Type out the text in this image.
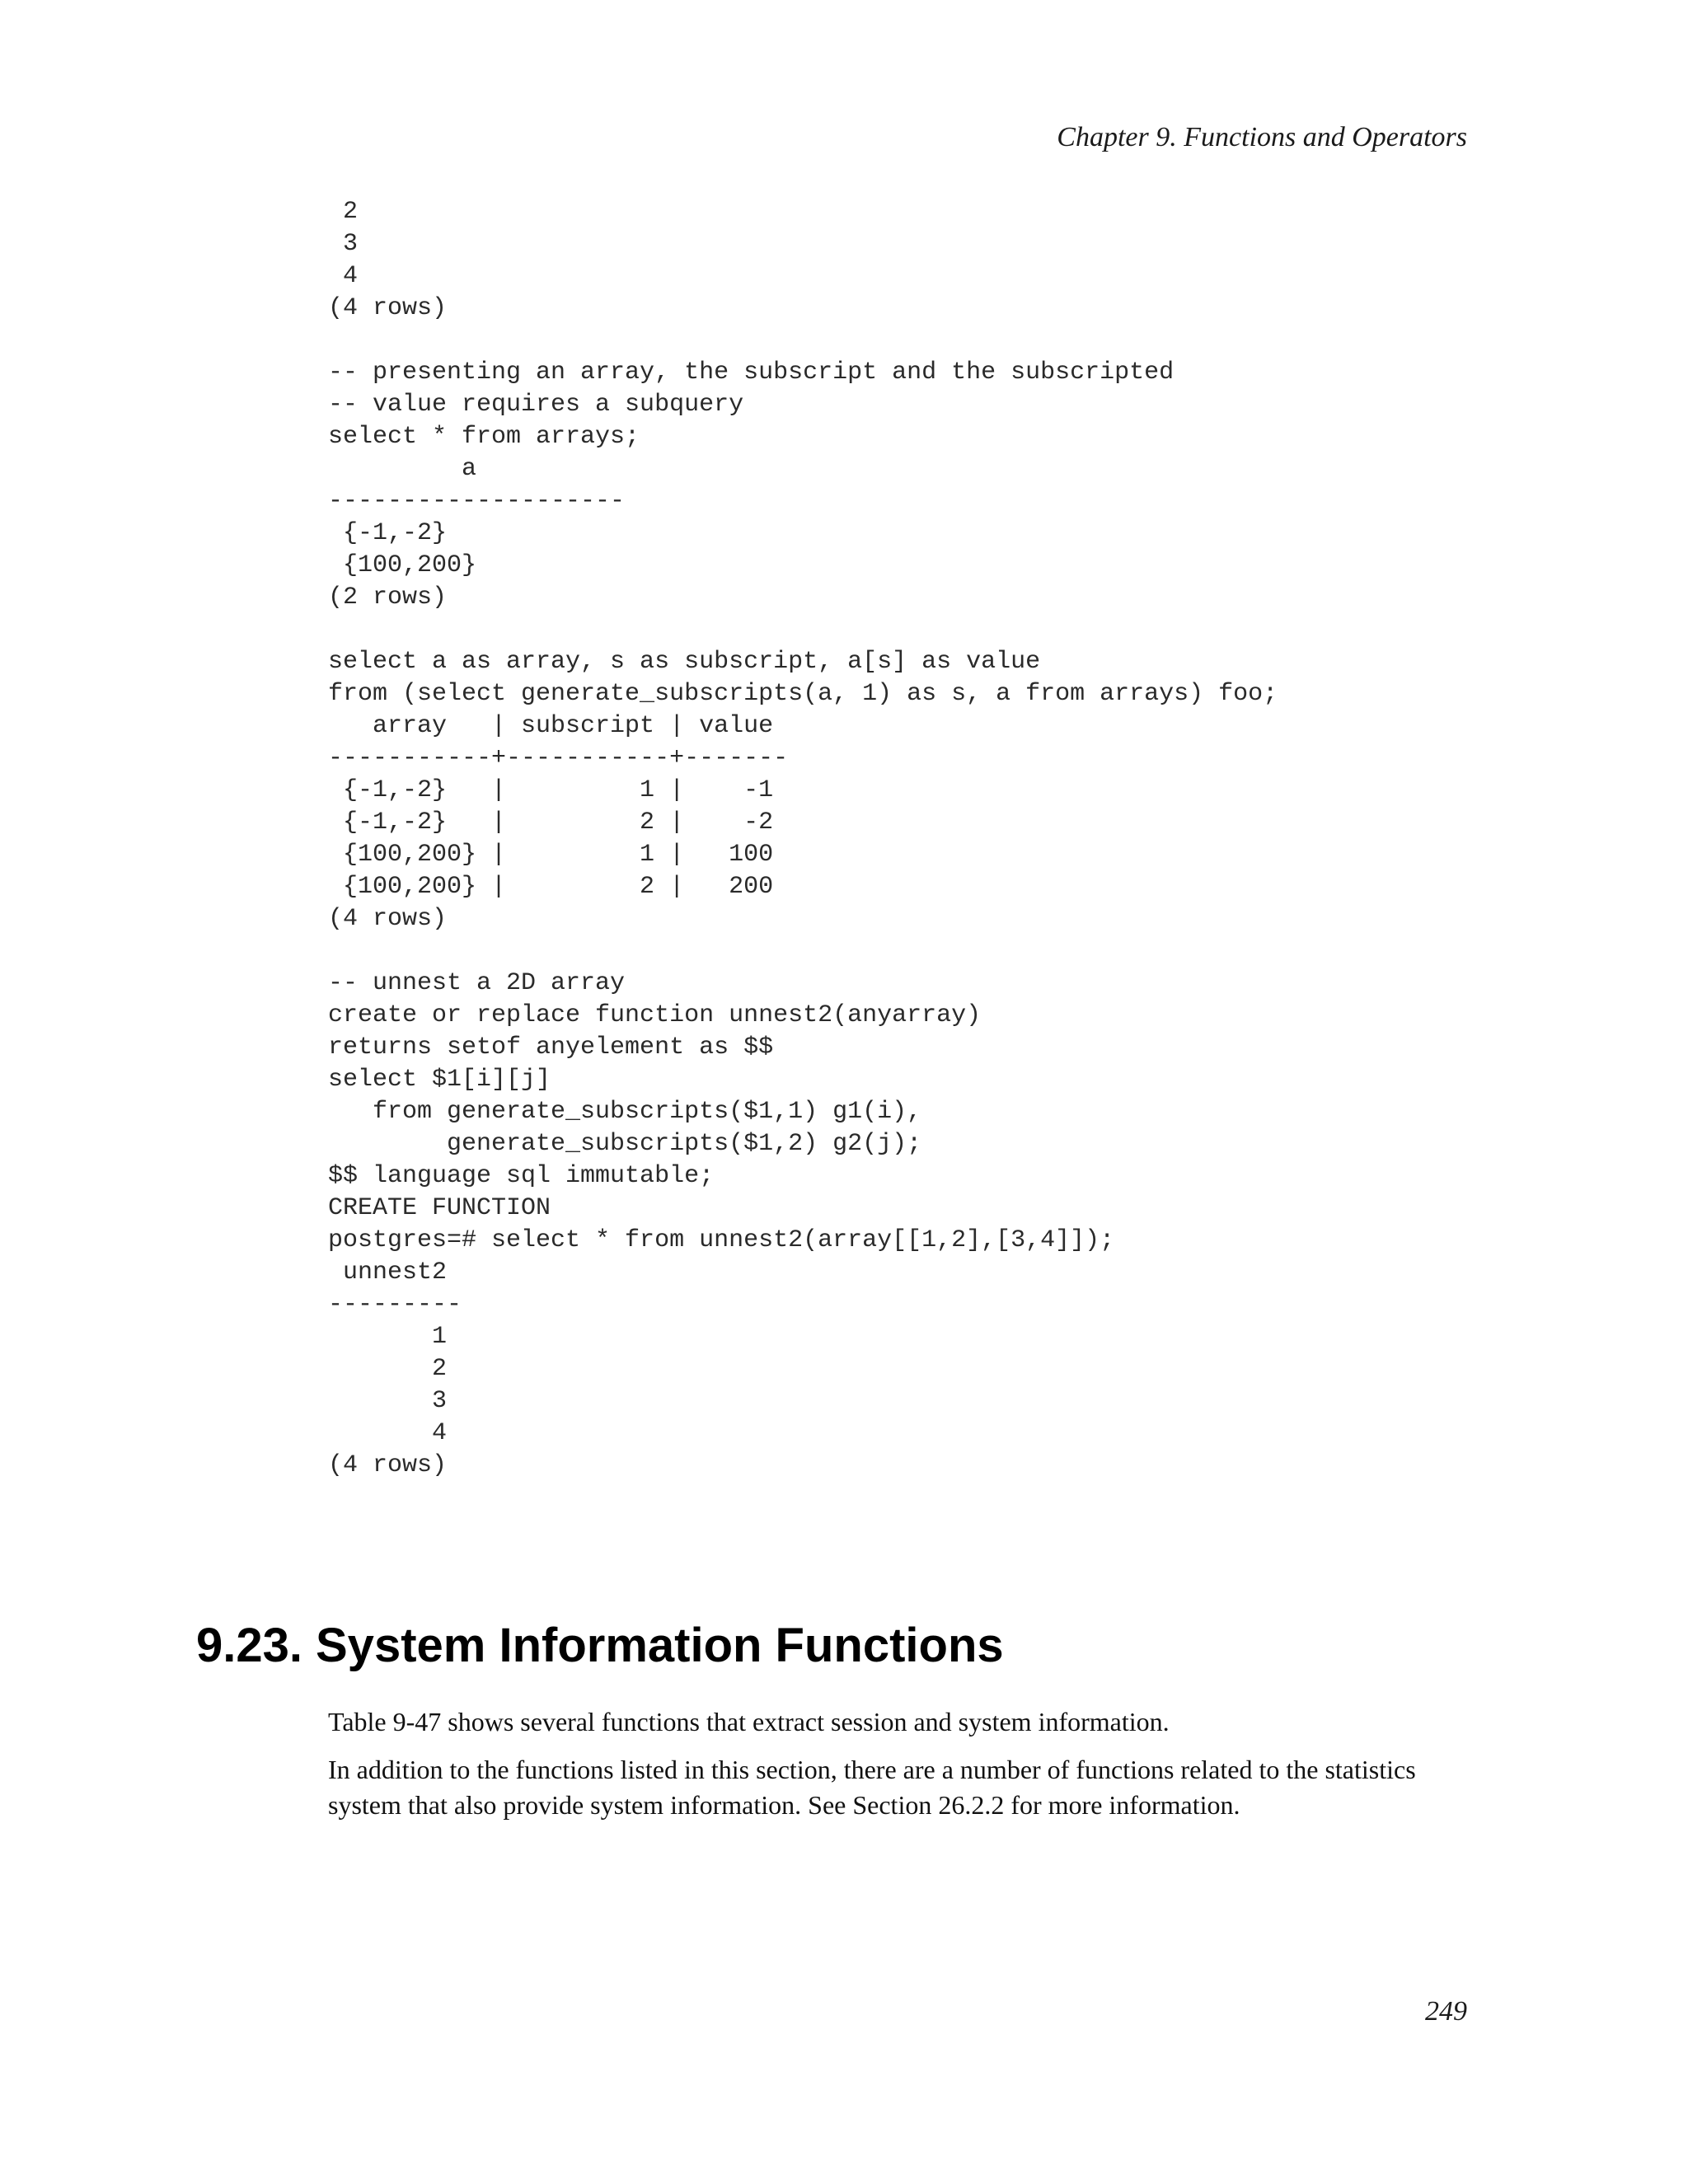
Chapter 9. Functions and Operators
2
3
4
(4 rows)
-- presenting an array, the subscript and the subscripted
-- value requires a subquery
select * from arrays;
a
--------------------
{-1,-2}
{100,200}
(2 rows)
select a as array, s as subscript, a[s] as value
from (select generate_subscripts(a, 1) as s, a from arrays) foo;
array   | subscript | value
-----------+-----------+-------
{-1,-2}   |         1 |    -1
{-1,-2}   |         2 |    -2
{100,200} |         1 |   100
{100,200} |         2 |   200
(4 rows)
-- unnest a 2D array
create or replace function unnest2(anyarray)
returns setof anyelement as $$
select $1[i][j]
from generate_subscripts($1,1) g1(i),
generate_subscripts($1,2) g2(j);
$$ language sql immutable;
CREATE FUNCTION
postgres=# select * from unnest2(array[[1,2],[3,4]]);
unnest2
---------
1
2
3
4
(4 rows)
9.23. System Information Functions

Table 9-47 shows several functions that extract session and system information.

In addition to the functions listed in this section, there are a number of functions related to the statistics system that also provide system information. See Section 26.2.2 for more information.

249
